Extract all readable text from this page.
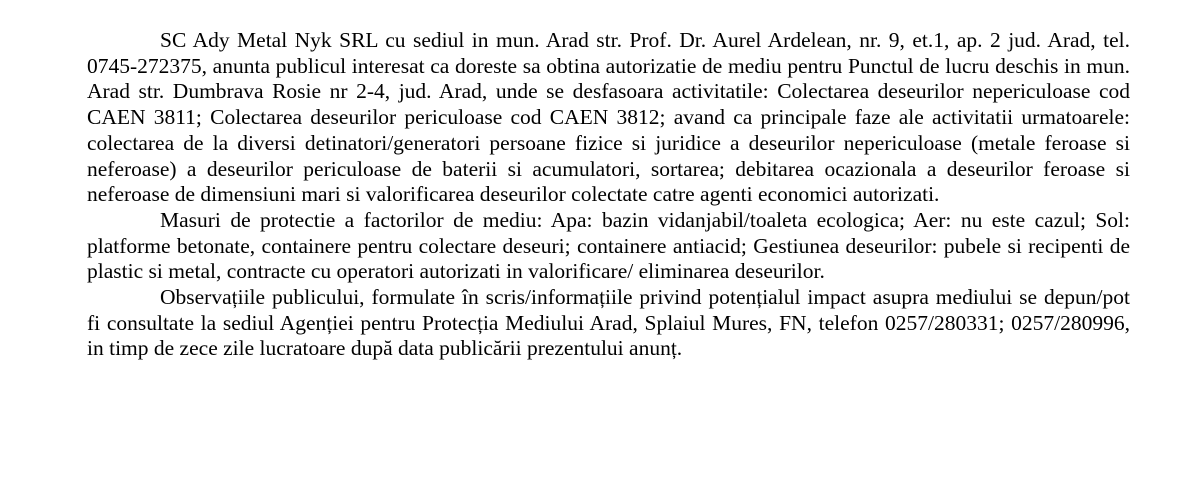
SC Ady Metal Nyk SRL cu sediul in mun. Arad str. Prof. Dr. Aurel Ardelean, nr. 9, et.1, ap. 2 jud. Arad, tel. 0745-272375, anunta publicul interesat ca doreste sa obtina autorizatie de mediu pentru Punctul de lucru deschis in mun. Arad str. Dumbrava Rosie nr 2-4, jud. Arad, unde se desfasoara activitatile: Colectarea deseurilor nepericuloase cod CAEN 3811; Colectarea deseurilor periculoase cod CAEN 3812; avand ca principale faze ale activitatii urmatoarele: colectarea de la diversi detinatori/generatori persoane fizice si juridice a deseurilor nepericuloase (metale feroase si neferoase) a deseurilor periculoase de baterii si acumulatori, sortarea; debitarea ocazionala a deseurilor feroase si neferoase de dimensiuni mari si valorificarea deseurilor colectate catre agenti economici autorizati.

Masuri de protectie a factorilor de mediu: Apa: bazin vidanjabil/toaleta ecologica; Aer: nu este cazul; Sol: platforme betonate, containere pentru colectare deseuri; containere antiacid; Gestiunea deseurilor: pubele si recipenti de plastic si metal, contracte cu operatori autorizati in valorificare/ eliminarea deseurilor.

Observațiile publicului, formulate în scris/informațiile privind potențialul impact asupra mediului se depun/pot fi consultate la sediul Agenției pentru Protecția Mediului Arad, Splaiul Mures, FN, telefon 0257/280331; 0257/280996, in timp de zece zile lucratoare după data publicării prezentului anunț.
